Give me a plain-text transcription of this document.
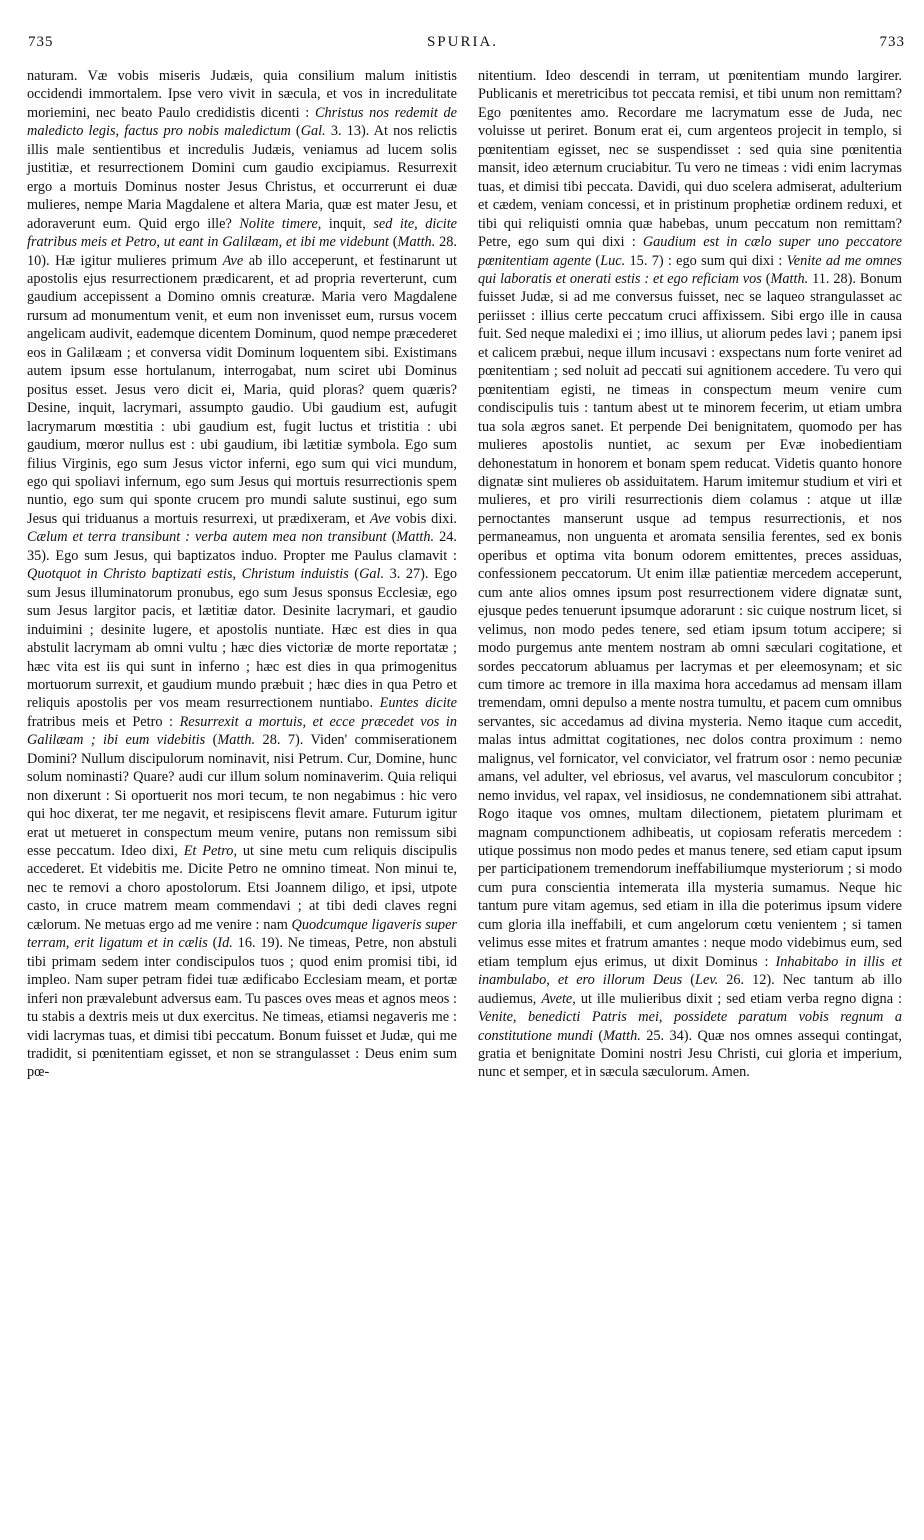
735	SPURIA.	733

naturam. Væ vobis miseris Judæis, quia consilium malum initistis occidendi immortalem. Ipse vero vivit in sæcula, et vos in incredulitate moriemini, nec beato Paulo credidistis dicenti : Christus nos redemit de maledicto legis, factus pro nobis maledictum (Gal. 3. 13). At nos relictis illis male sentientibus et incredulis Judæis, veniamus ad lucem solis justitiæ, et resurrectionem Domini cum gaudio excipiamus. Resurrexit ergo a mortuis Dominus noster Jesus Christus, et occurrerunt ei duæ mulieres, nempe Maria Magdalene et altera Maria, quæ est mater Jesu, et adoraverunt eum. Quid ergo ille? Nolite timere, inquit, sed ite, dicite fratribus meis et Petro, ut eant in Galilæam, et ibi me videbunt (Matth. 28. 10). Hæ igitur mulieres primum Ave ab illo acceperunt, et festinarunt ut apostolis ejus resurrectionem prædicarent, et ad propria reverterunt, cum gaudium accepissent a Domino omnis creaturæ. Maria vero Magdalene rursum ad monumentum venit, et eum non invenisset eum, rursus vocem angelicam audivit, eademque dicentem Dominum, quod nempe præcederet eos in Galilæam ; et conversa vidit Dominum loquentem sibi. Existimans autem ipsum esse hortulanum, interrogabat, num sciret ubi Dominus positus esset. Jesus vero dicit ei, Maria, quid ploras? quem quæris? Desine, inquit, lacrymari, assumpto gaudio. Ubi gaudium est, aufugit lacrymarum mœstitia : ubi gaudium est, fugit luctus et tristitia : ubi gaudium, mœror nullus est : ubi gaudium, ibi lætitiæ symbola. Ego sum filius Virginis, ego sum Jesus victor inferni, ego sum qui vici mundum, ego qui spoliavi infernum, ego sum Jesus qui mortuis resurrectionis spem nuntio, ego sum qui sponte crucem pro mundi salute sustinui, ego sum Jesus qui triduanus a mortuis resurrexi, ut prædixeram, et Ave vobis dixi. Cælum et terra transibunt : verba autem mea non transibunt (Matth. 24. 35). Ego sum Jesus, qui baptizatos induo. Propter me Paulus clamavit : Quotquot in Christo baptizati estis, Christum induistis (Gal. 3. 27). Ego sum Jesus illuminatorum pronubus, ego sum Jesus sponsus Ecclesiæ, ego sum Jesus largitor pacis, et lætitiæ dator. Desinite lacrymari, et gaudio induimini ; desinite lugere, et apostolis nuntiate. Hæc est dies in qua abstulit lacrymam ab omni vultu ; hæc dies victoriæ de morte reportatæ ; hæc vita est iis qui sunt in inferno ; hæc est dies in qua primogenitus mortuorum surrexit, et gaudium mundo præbuit ; hæc dies in qua Petro et reliquis apostolis per vos meam resurrectionem nuntiabo. Euntes dicite fratribus meis et Petro : Resurrexit a mortuis, et ecce præcedet vos in Galilæam ; ibi eum videbitis (Matth. 28. 7). Viden' commiserationem Domini? Nullum discipulorum nominavit, nisi Petrum. Cur, Domine, hunc solum nominasti? Quare? audi cur illum solum nominaverim. Quia reliqui non dixerunt : Si oportuerit nos mori tecum, te non negabimus : hic vero qui hoc dixerat, ter me negavit, et resipiscens flevit amare. Futurum igitur erat ut metueret in conspectum meum venire, putans non remissum sibi esse peccatum. Ideo dixi, Et Petro, ut sine metu cum reliquis discipulis accederet. Et videbitis me. Dicite Petro ne omnino timeat. Non minui te, nec te removi a choro apostolorum. Etsi Joannem diligo, et ipsi, utpote casto, in cruce matrem meam commendavi ; at tibi dedi claves regni cælorum. Ne metuas ergo ad me venire : nam Quodcumque ligaveris super terram, erit ligatum et in cælis (Id. 16. 19). Ne timeas, Petre, non abstuli tibi primam sedem inter condiscipulos tuos ; quod enim promisi tibi, id impleo. Nam super petram fidei tuæ ædificabo Ecclesiam meam, et portæ inferi non prævalebunt adversus eam. Tu pasces oves meas et agnos meos : tu stabis a dextris meis ut dux exercitus. Ne timeas, etiamsi negaveris me : vidi lacrymas tuas, et dimisi tibi peccatum. Bonum fuisset et Judæ, qui me tradidit, si pœnitentiam egisset, et non se strangulasset : Deus enim sum pœ-

nitentium. Ideo descendi in terram, ut pœnitentiam mundo largirer. Publicanis et meretricibus tot peccata remisi, et tibi unum non remittam? Ego pœnitentes amo. Recordare me lacrymatum esse de Juda, nec voluisse ut periret. Bonum erat ei, cum argenteos projecit in templo, si pœnitentiam egisset, nec se suspendisset : sed quia sine pœnitentia mansit, ideo æternum cruciabitur. Tu vero ne timeas : vidi enim lacrymas tuas, et dimisi tibi peccata. Davidi, qui duo scelera admiserat, adulterium et cædem, veniam concessi, et in pristinum prophetiæ ordinem reduxi, et tibi qui reliquisti omnia quæ habebas, unum peccatum non remittam? Petre, ego sum qui dixi : Gaudium est in cælo super uno peccatore pœnitentiam agente (Luc. 15. 7) : ego sum qui dixi : Venite ad me omnes qui laboratis et onerati estis : et ego reficiam vos (Matth. 11. 28). Bonum fuisset Judæ, si ad me conversus fuisset, nec se laqueo strangulasset ac periisset : illius certe peccatum cruci affixissem. Sibi ergo ille in causa fuit. Sed neque maledixi ei ; imo illius, ut aliorum pedes lavi ; panem ipsi et calicem præbui, neque illum incusavi : exspectans num forte veniret ad pœnitentiam ; sed noluit ad peccati sui agnitionem accedere. Tu vero qui pœnitentiam egisti, ne timeas in conspectum meum venire cum condiscipulis tuis : tantum abest ut te minorem fecerim, ut etiam umbra tua sola ægros sanet. Et perpende Dei benignitatem, quomodo per has mulieres apostolis nuntiet, ac sexum per Evæ inobedientiam dehonestatum in honorem et bonam spem reducat. Videtis quanto honore dignatæ sint mulieres ob assiduitatem. Harum imitemur studium et viri et mulieres, et pro virili resurrectionis diem colamus : atque ut illæ pernoctantes manserunt usque ad tempus resurrectionis, et nos permaneamus, non unguenta et aromata sensilia ferentes, sed ex bonis operibus et optima vita bonum odorem emittentes, preces assiduas, confessionem peccatorum. Ut enim illæ patientiæ mercedem acceperunt, cum ante alios omnes ipsum post resurrectionem videre dignatæ sunt, ejusque pedes tenuerunt ipsumque adorarunt : sic cuique nostrum licet, si velimus, non modo pedes tenere, sed etiam ipsum totum accipere; si modo purgemus ante mentem nostram ab omni sæculari cogitatione, et sordes peccatorum abluamus per lacrymas et per eleemosynam; et sic cum timore ac tremore in illa maxima hora accedamus ad mensam illam tremendam, omni depulso a mente nostra tumultu, et pacem cum omnibus servantes, sic accedamus ad divina mysteria. Nemo itaque cum accedit, malas intus admittat cogitationes, nec dolos contra proximum : nemo malignus, vel fornicator, vel conviciator, vel fratrum osor : nemo pecuniæ amans, vel adulter, vel ebriosus, vel avarus, vel masculorum concubitor ; nemo invidus, vel rapax, vel insidiosus, ne condemnationem sibi attrahat. Rogo itaque vos omnes, multam dilectionem, pietatem plurimam et magnam compunctionem adhibeatis, ut copiosam referatis mercedem : utique possimus non modo pedes et manus tenere, sed etiam caput ipsum per participationem tremendorum ineffabiliumque mysteriorum ; si modo cum pura conscientia intemerata illa mysteria sumamus. Neque hic tantum pure vitam agemus, sed etiam in illa die poterimus ipsum videre cum gloria illa ineffabili, et cum angelorum cœtu venientem ; si tamen velimus esse mites et fratrum amantes : neque modo videbimus eum, sed etiam templum ejus erimus, ut dixit Dominus : Inhabitabo in illis et inambulabo, et ero illorum Deus (Lev. 26. 12). Nec tantum ab illo audiemus, Avete, ut ille mulieribus dixit ; sed etiam verba regno digna : Venite, benedicti Patris mei, possidete paratum vobis regnum a constitutione mundi (Matth. 25. 34). Quæ nos omnes assequi contingat, gratia et benignitate Domini nostri Jesu Christi, cui gloria et imperium, nunc et semper, et in sæcula sæculorum. Amen.
